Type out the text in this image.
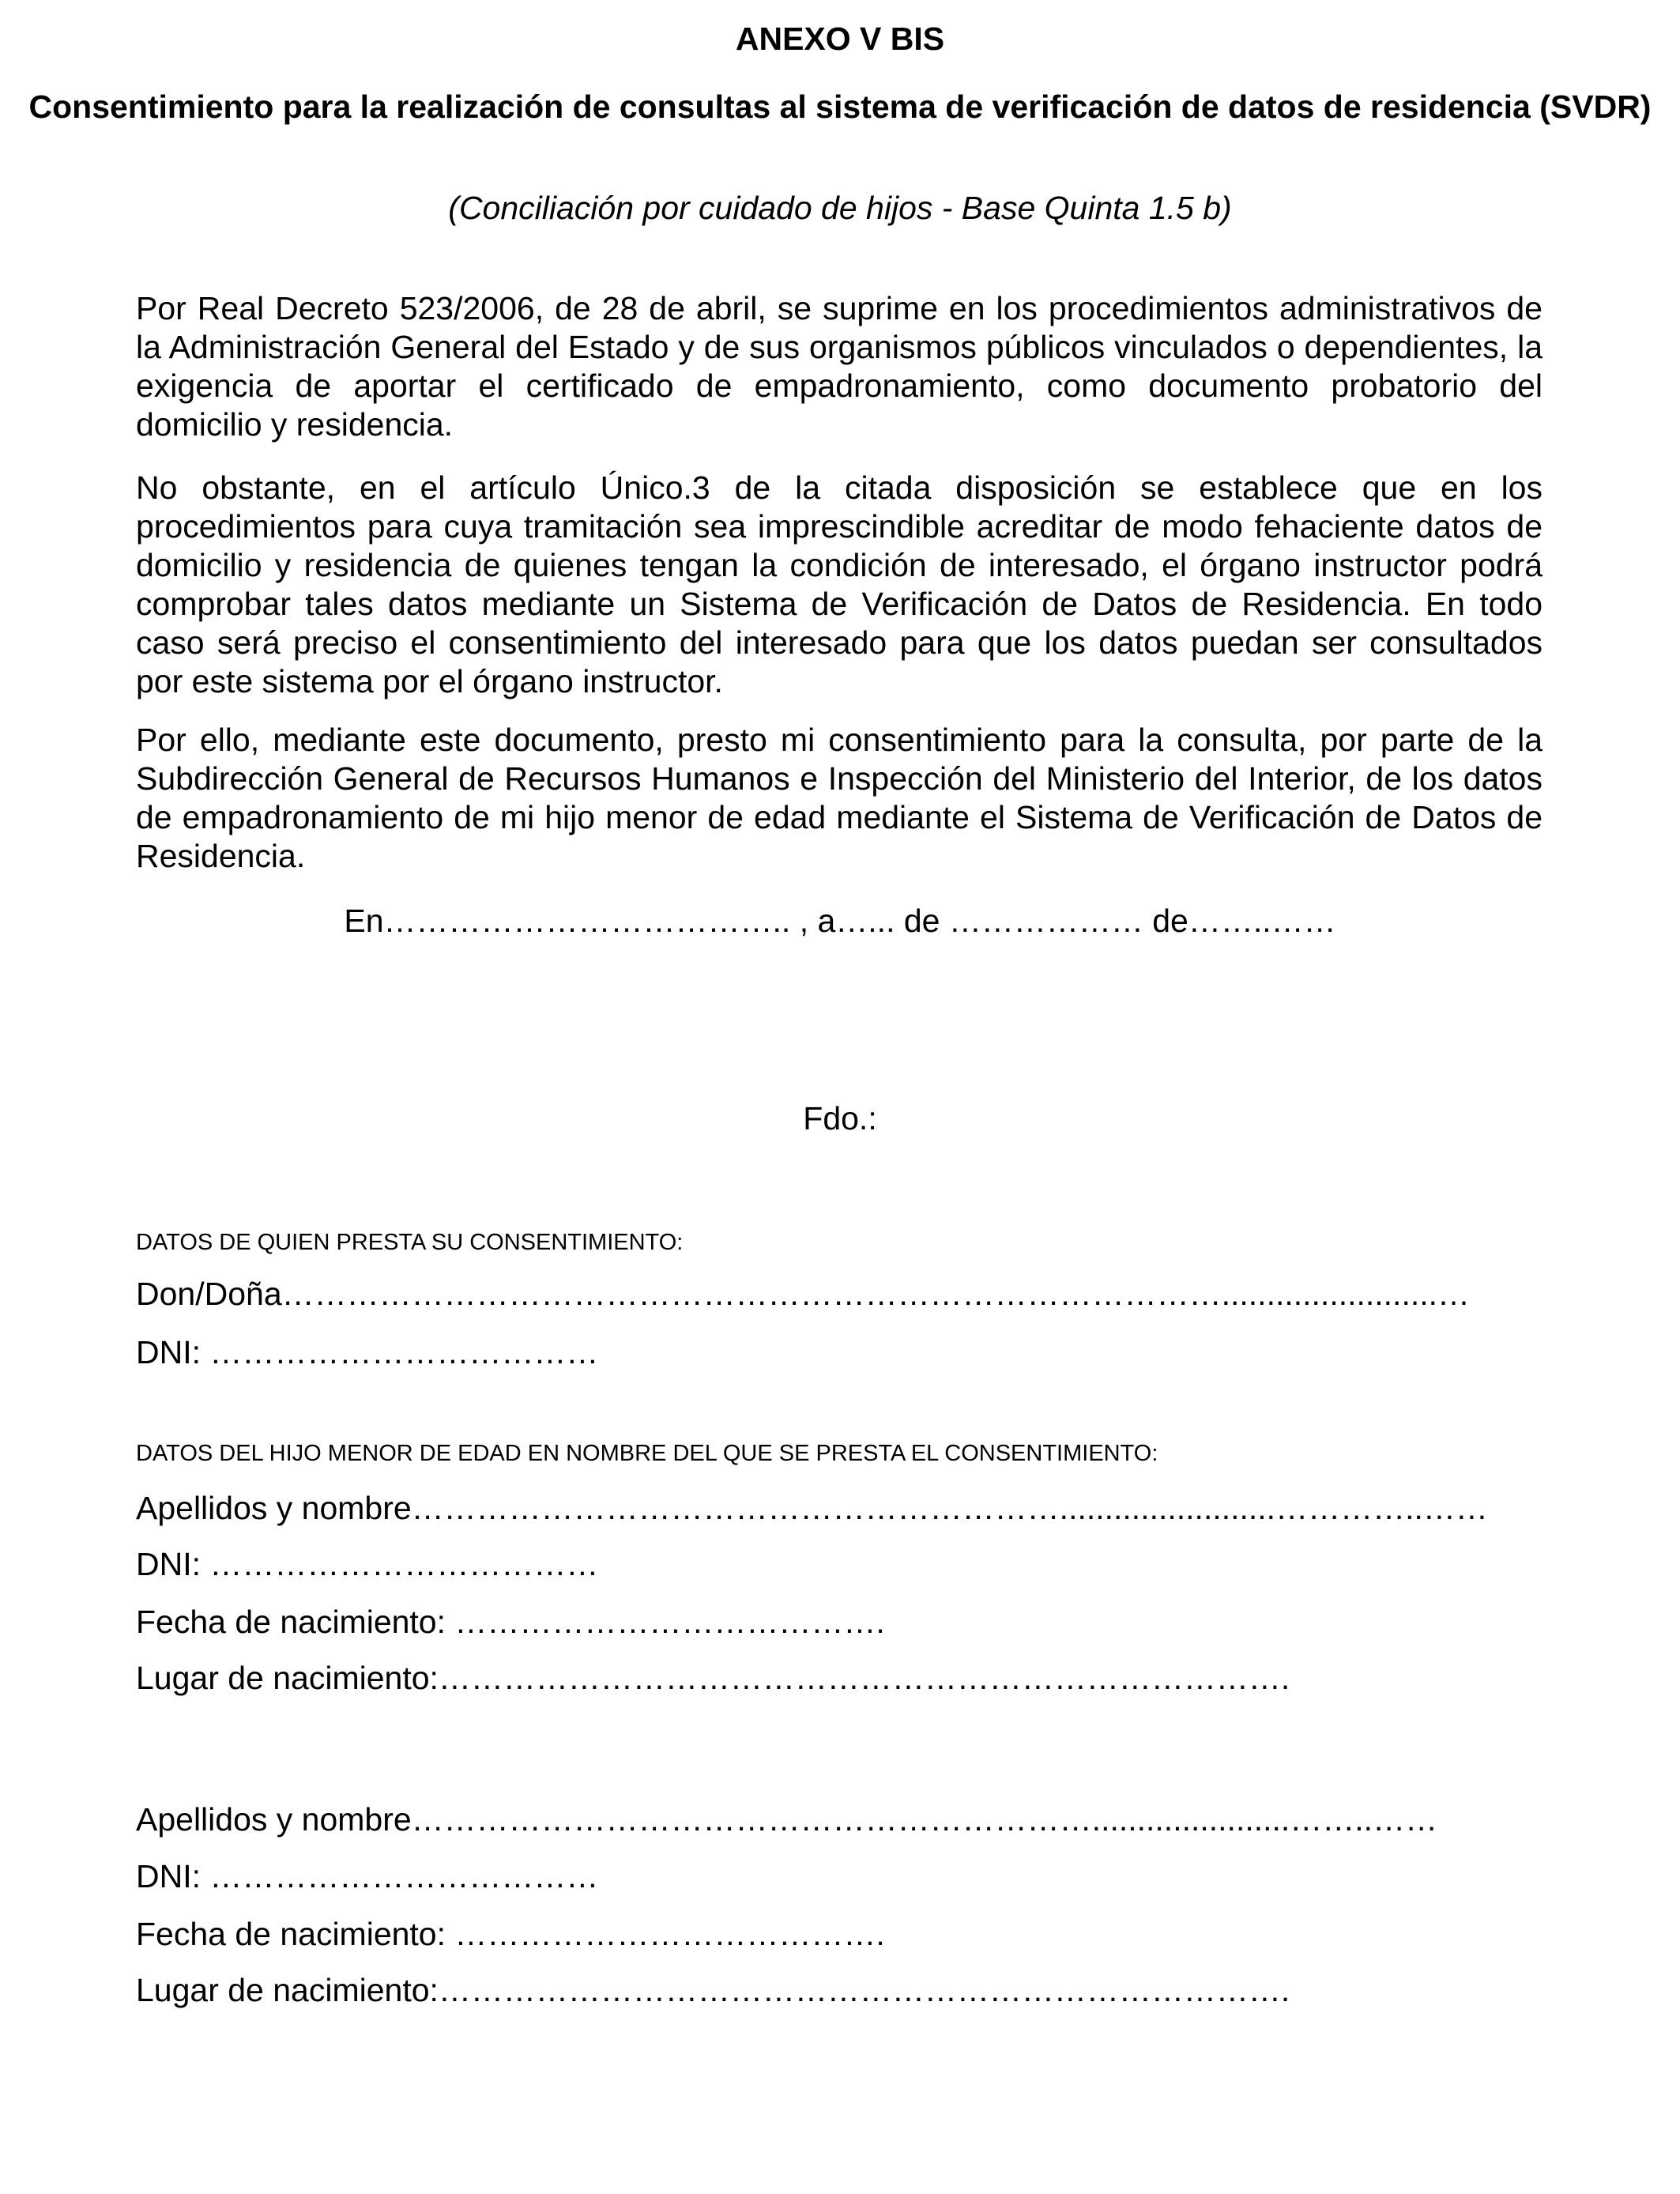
ANEXO V BIS
Consentimiento para la realización de consultas al sistema de verificación de datos de residencia (SVDR)
(Conciliación por cuidado de hijos - Base Quinta 1.5 b)
Por Real Decreto 523/2006, de 28 de abril, se suprime en los procedimientos administrativos de la Administración General del Estado y de sus organismos públicos vinculados o dependientes, la exigencia de aportar el certificado de empadronamiento, como documento probatorio del domicilio y residencia.
No obstante, en el artículo Único.3 de la citada disposición se establece que en los procedimientos para cuya tramitación sea imprescindible acreditar de modo fehaciente datos de domicilio y residencia de quienes tengan la condición de interesado, el órgano instructor podrá comprobar tales datos mediante un Sistema de Verificación de Datos de Residencia. En todo caso será preciso el consentimiento del interesado para que los datos puedan ser consultados por este sistema por el órgano instructor.
Por ello, mediante este documento, presto mi consentimiento para la consulta, por parte de la Subdirección General de Recursos Humanos e Inspección del Ministerio del Interior, de los datos de empadronamiento de mi hijo menor de edad mediante el Sistema de Verificación de Datos de Residencia.
En……………………………….. , a…... de ……………… de……..……
Fdo.:
DATOS DE QUIEN PRESTA SU CONSENTIMIENTO:
Don/Doña……………………………………………………………………………........................…
DNI: ………………………………
DATOS DEL HIJO MENOR DE EDAD EN NOMBRE DEL QUE SE PRESTA EL CONSENTIMIENTO:
Apellidos y nombre……………………………………………………........................…………..……
DNI: ………………………………
Fecha de nacimiento: ………………………………….
Lugar de nacimiento:…………………………………………………………………….
Apellidos y nombre………………………………………………………......................……..……
DNI: ………………………………
Fecha de nacimiento: ………………………………….
Lugar de nacimiento:…………………………………………………………………….
